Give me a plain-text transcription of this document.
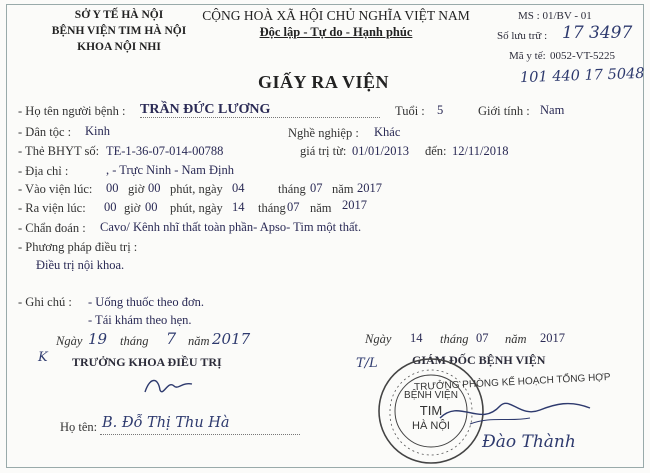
SỞ Y TẾ HÀ NỘI
BỆNH VIỆN TIM HÀ NỘI
KHOA NỘI NHI
CỘNG HOÀ XÃ HỘI CHỦ NGHĨA VIỆT NAM
Độc lập - Tự do - Hạnh phúc
MS : 01/BV - 01
Số lưu trữ : 17 3497
Mã y tế: 0052-VT-5225
101 440 17 5048
GIẤY RA VIỆN
- Họ tên người bệnh : TRẦN ĐỨC LƯƠNG	Tuổi : 5	Giới tính : Nam
- Dân tộc : Kinh	Nghề nghiệp : Khác
- Thẻ BHYT số: TE-1-36-07-014-00788	giá trị từ: 01/01/2013 đến: 12/11/2018
- Địa chỉ :	, - Trực Ninh - Nam Định
- Vào viện lúc: 00 giờ 00 phút, ngày 04	tháng 07 năm 2017
- Ra viện lúc: 00 giờ 00 phút, ngày 14 tháng 07 năm 2017
- Chẩn đoán : Cavo/ Kênh nhĩ thất toàn phần- Apso- Tim một thất.
- Phương pháp điều trị :
Điều trị nội khoa.
- Ghi chú : - Uống thuốc theo đơn.
- Tái khám theo hẹn.
Ngày 19 tháng 7 năm 2017
K TRƯỞNG KHOA ĐIỀU TRỊ
Họ tên: B. Đỗ Thị Thu Hà
Ngày 14 tháng 07 năm 2017
T/L	GIÁM ĐỐC BỆNH VIỆN
BỆNH VIỆN
TIM
HÀ NỘI
TRƯỞNG PHÒNG KẾ HOẠCH TỔNG HỢP
Đào Thành
